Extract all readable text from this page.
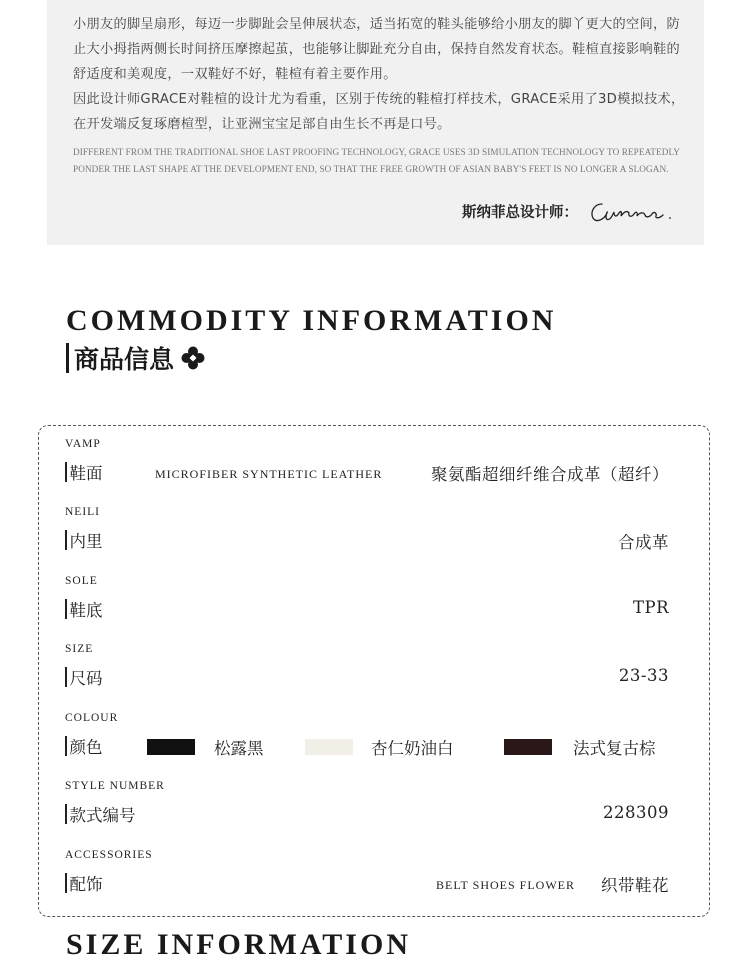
小朋友的脚呈扇形，每迈一步脚趾会呈伸展状态，适当拓宽的鞋头能够给小朋友的脚丫更大的空间，防止大小拇指两侧长时间挤压摩擦起茧，也能够让脚趾充分自由，保持自然发育状态。鞋楦直接影响鞋的舒适度和美观度，一双鞋好不好，鞋楦有着主要作用。

因此设计师GRACE对鞋楦的设计尤为看重，区别于传统的鞋楦打样技术，GRACE采用了3D模拟技术，在开发端反复琢磨楦型，让亚洲宝宝足部自由生长不再是口号。

DIFFERENT FROM THE TRADITIONAL SHOE LAST PROOFING TECHNOLOGY, GRACE USES 3D SIMULATION TECHNOLOGY TO REPEATEDLY PONDER THE LAST SHAPE AT THE DEVELOPMENT END, SO THAT THE FREE GROWTH OF ASIAN BABY'S FEET IS NO LONGER A SLOGAN.

斯纳菲总设计师：
COMMODITY INFORMATION
商品信息
VAMP
鞋面	MICROFIBER SYNTHETIC LEATHER	聚氨酯超细纤维合成革（超纤）
NEILI
内里	合成革
SOLE
鞋底	TPR
SIZE
尺码	23-33
COLOUR
颜色	松露黑	杏仁奶油白	法式复古棕
STYLE NUMBER
款式编号	228309
ACCESSORIES
配饰	BELT SHOES FLOWER 织带鞋花
SIZE INFORMATION
